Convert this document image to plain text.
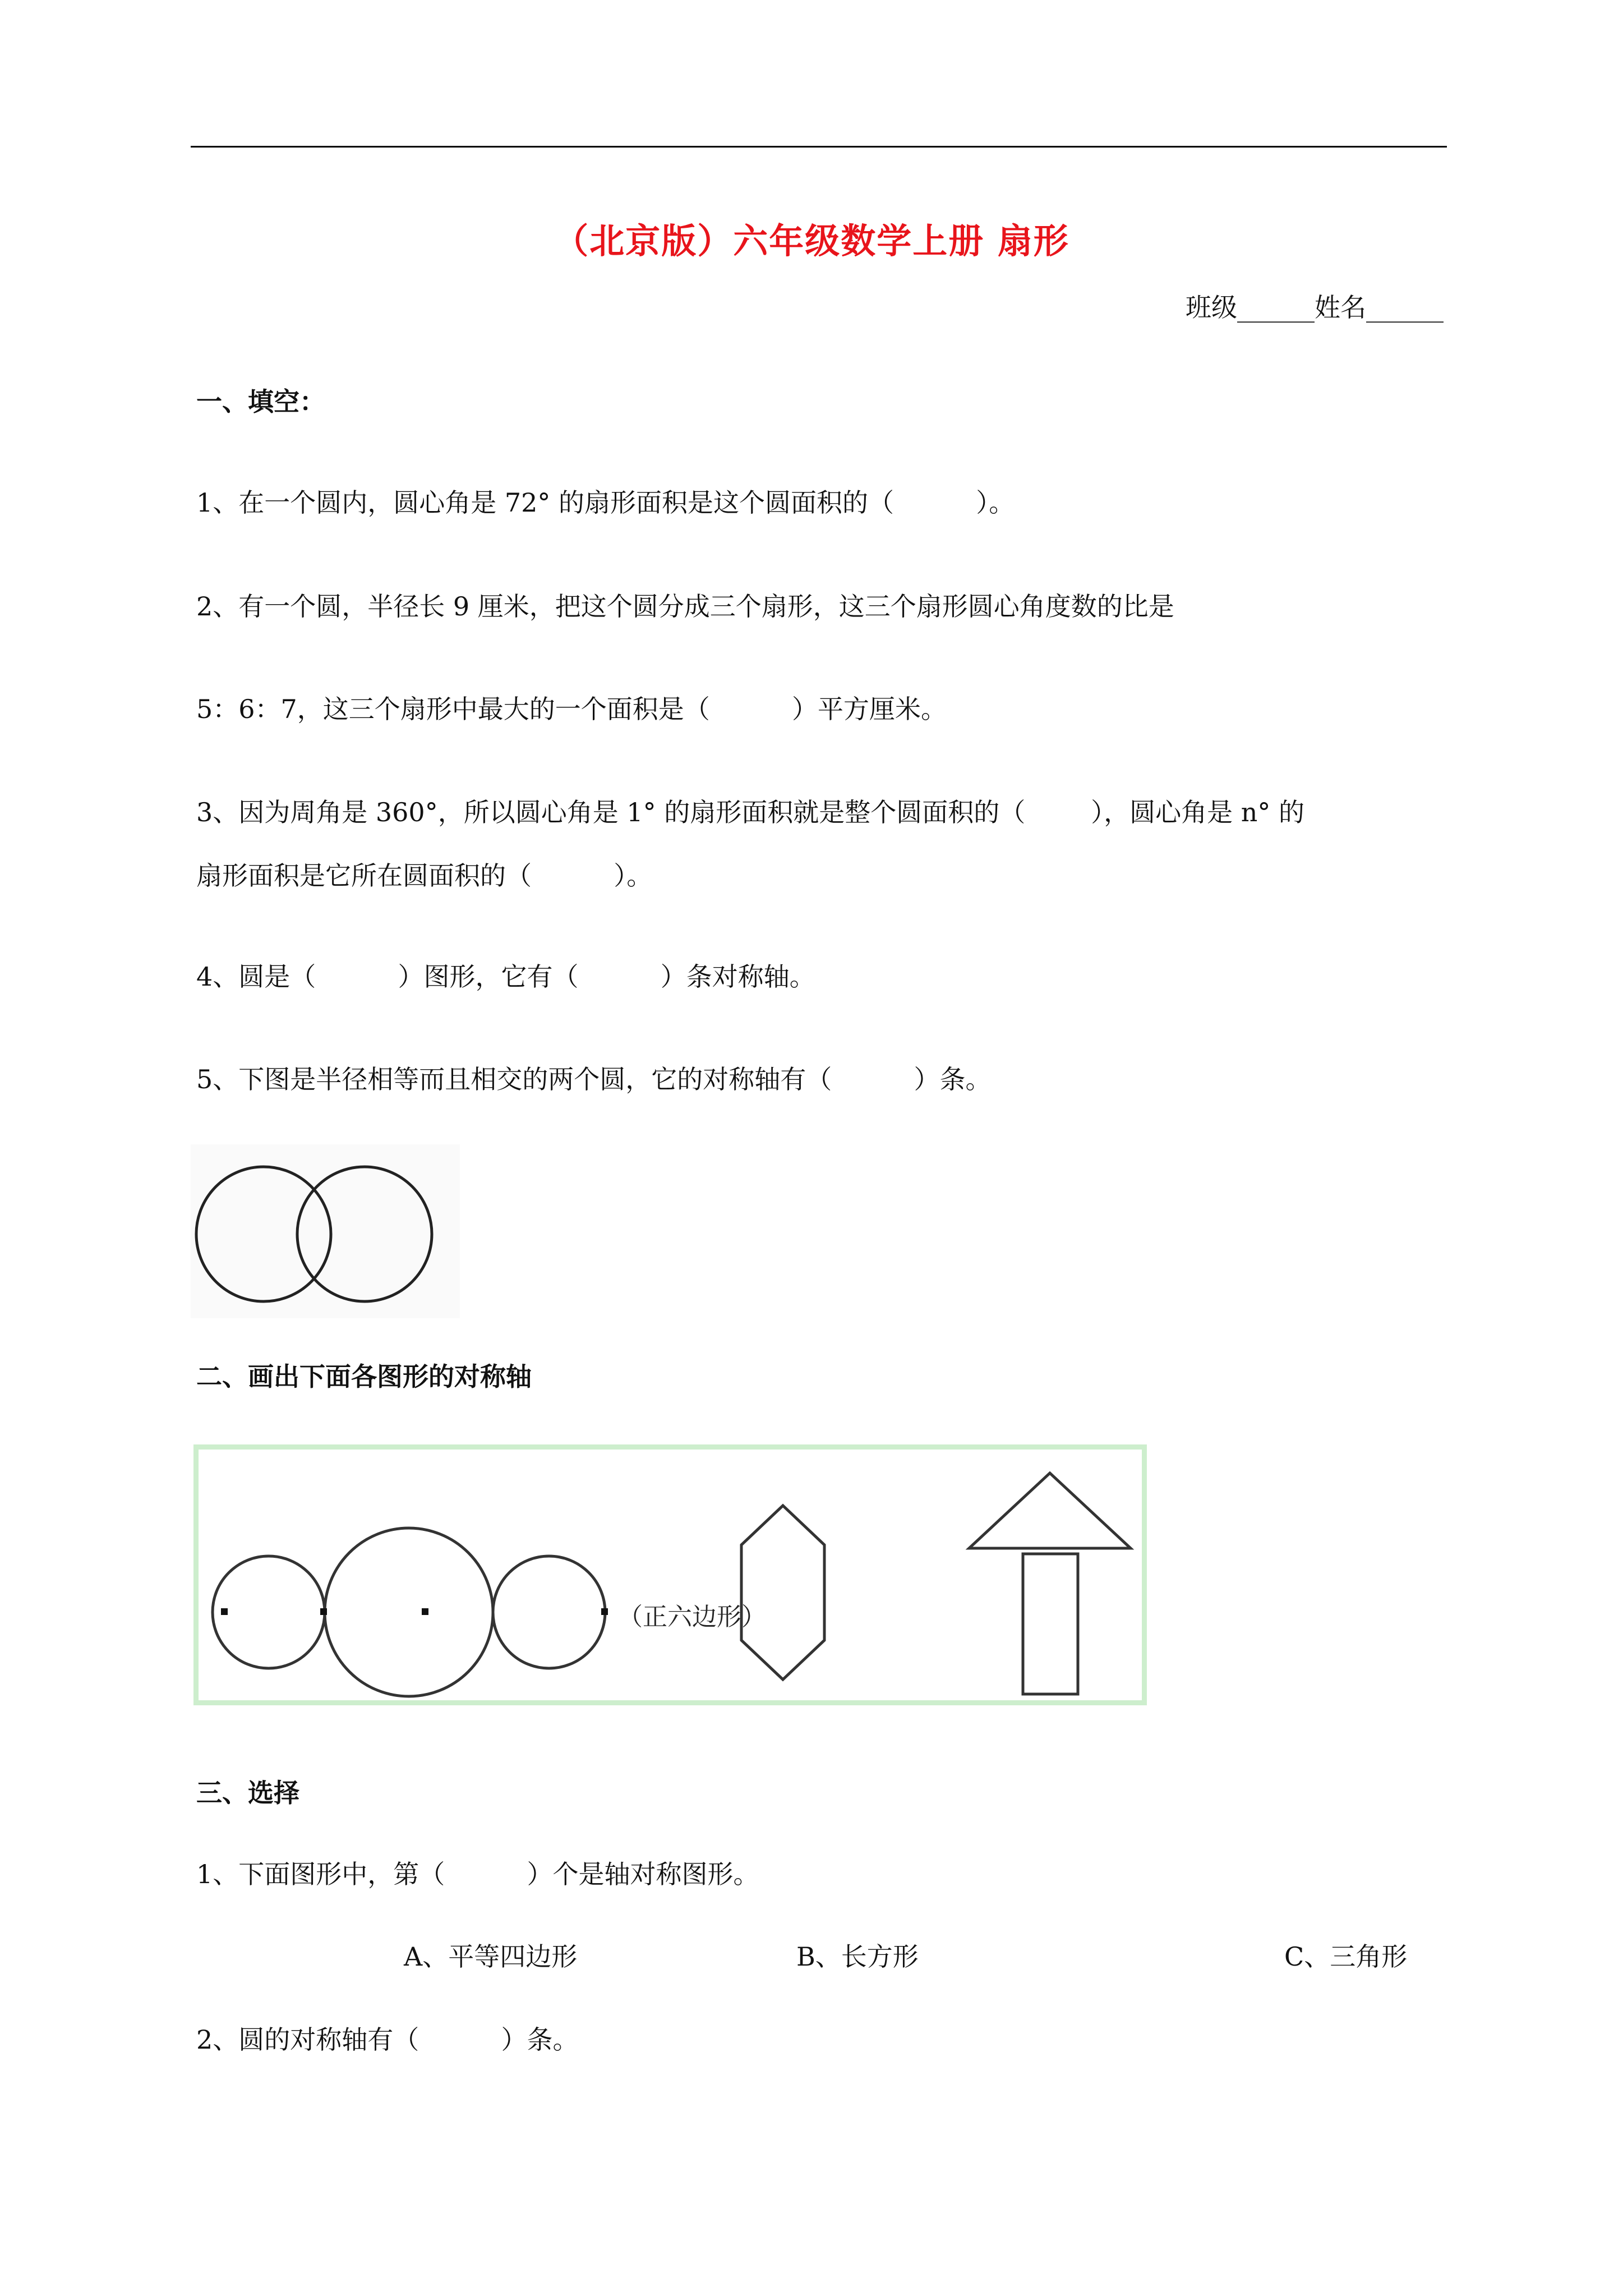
（北京版）六年级数学上册 扇形
班级______姓名______
一、填空：
1、在一个圆内，圆心角是 72° 的扇形面积是这个圆面积的（          ）。
2、有一个圆，半径长 9 厘米，把这个圆分成三个扇形，这三个扇形圆心角度数的比是
5：6：7，这三个扇形中最大的一个面积是（          ）平方厘米。
3、因为周角是 360°，所以圆心角是 1° 的扇形面积就是整个圆面积的（        ），圆心角是 n° 的
扇形面积是它所在圆面积的（          ）。
4、圆是（          ）图形，它有（          ）条对称轴。
5、下图是半径相等而且相交的两个圆，它的对称轴有（          ）条。
二、画出下面各图形的对称轴
（正六边形）
三、选择
1、下面图形中，第（          ）个是轴对称图形。
A、平等四边形	B、长方形	C、三角形
2、圆的对称轴有（          ）条。
